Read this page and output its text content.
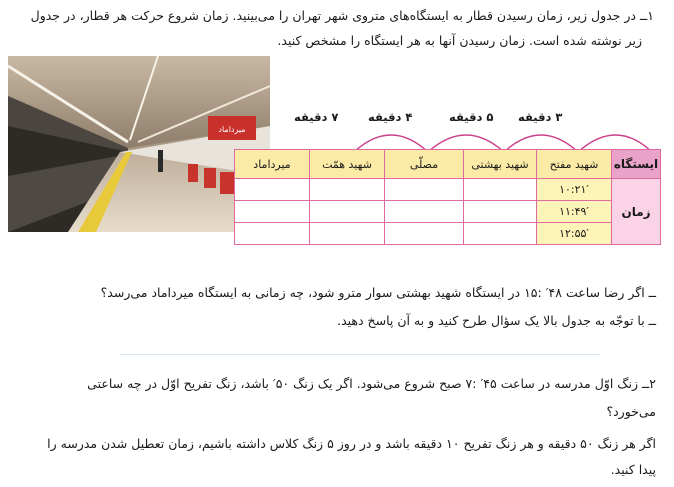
۱ــ در جدول زیر، زمان رسیدن قطار به ایستگاه‌های متروی شهر تهران را می‌بینید. زمان شروع حرکت هر قطار، در جدول
زیر نوشته شده است. زمان رسیدن آنها به هر ایستگاه را مشخص کنید.
میرداماد
۳ دقیقه
۵ دقیقه
۴ دقیقه
۷ دقیقه
ایستگاه	شهید مفتح	شهید بهشتی	مصلّی	شهید همّت	میرداماد
زمان	۱۰:۲۱′				
	۱۱:۴۹′				
	۱۲:۵۵′				
ــ اگر رضا ساعت ۴۸′ :۱۵ در ایستگاه شهید بهشتی سوار مترو شود، چه زمانی به ایستگاه میرداماد می‌رسد؟
ــ با توجّه به جدول بالا یک سؤال طرح کنید و به آن پاسخ دهید.
۲ــ زنگ اوّل مدرسه در ساعت ۴۵′ :۷ صبح شروع می‌شود. اگر یک زنگ ۵۰′ باشد، زنگ تفریح اوّل در چه ساعتی
می‌خورد؟
اگر هر زنگ ۵۰ دقیقه و هر زنگ تفریح ۱۰ دقیقه باشد و در روز ۵ زنگ کلاس داشته باشیم، زمان تعطیل شدن مدرسه را
پیدا کنید.
